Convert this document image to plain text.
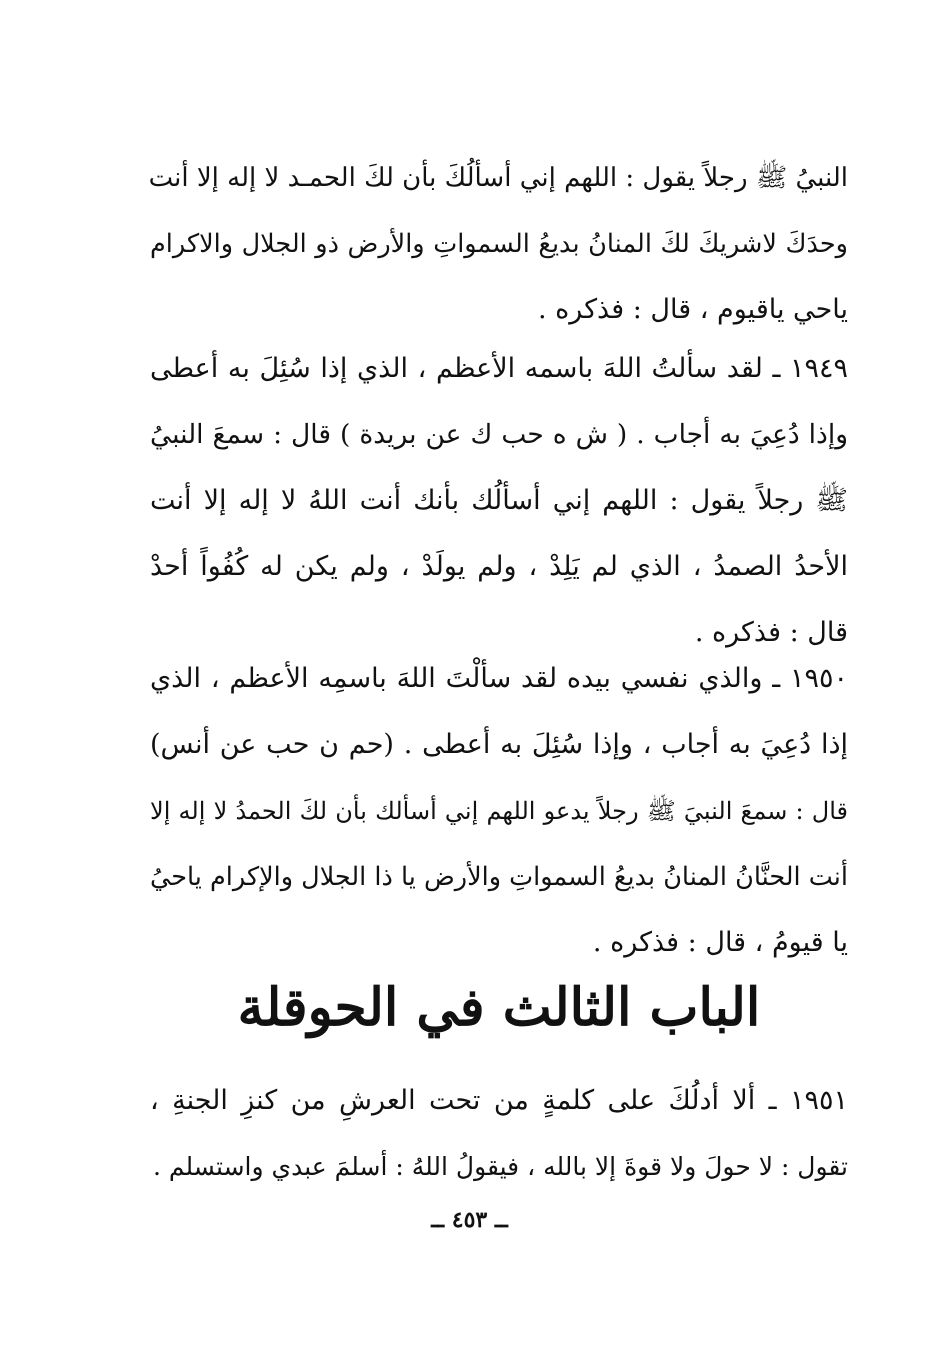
النبيُ ﷺ رجلاً يقول : اللهم إني أسألُكَ بأن لكَ الحمـد لا إله إلا أنت
وحدَكَ لاشريكَ لكَ المنانُ بديعُ السمواتِ والأرض ذو الجلال والاكرام
ياحي ياقيوم ، قال : فذكره .
١٩٤٩ ـ لقد سألتُ اللهَ باسمه الأعظم ، الذي إذا سُئِلَ به أعطى
وإذا دُعِيَ به أجاب . ( ش ه حب ك عن بريدة ) قال : سمعَ النبيُ
ﷺ رجلاً يقول : اللهم إني أسألُك بأنك أنت اللهُ لا إله إلا أنت
الأحدُ الصمدُ ، الذي لم يَلِدْ ، ولم يولَدْ ، ولم يكن له كُفُواً أحدْ
قال : فذكره .
١٩٥٠ ـ والذي نفسي بيده لقد سألْتَ اللهَ باسمِه الأعظم ، الذي
إذا دُعِيَ به أجاب ، وإذا سُئِلَ به أعطى . (حم ن حب عن أنس)
قال : سمعَ النبيَ ﷺ رجلاً يدعو اللهم إني أسألك بأن لكَ الحمدُ لا إله إلا
أنت الحنَّانُ المنانُ بديعُ السمواتِ والأرض يا ذا الجلال والإكرام ياحيُ
يا قيومُ ، قال : فذكره .
الباب الثالث في الحوقلة
١٩٥١ ـ ألا أدلُكَ على كلمةٍ من تحت العرشِ من كنزِ الجنةِ ،
تقول : لا حولَ ولا قوةَ إلا بالله ، فيقولُ اللهُ : أسلمَ عبدي واستسلم .
ــ ٤٥٣ ــ
